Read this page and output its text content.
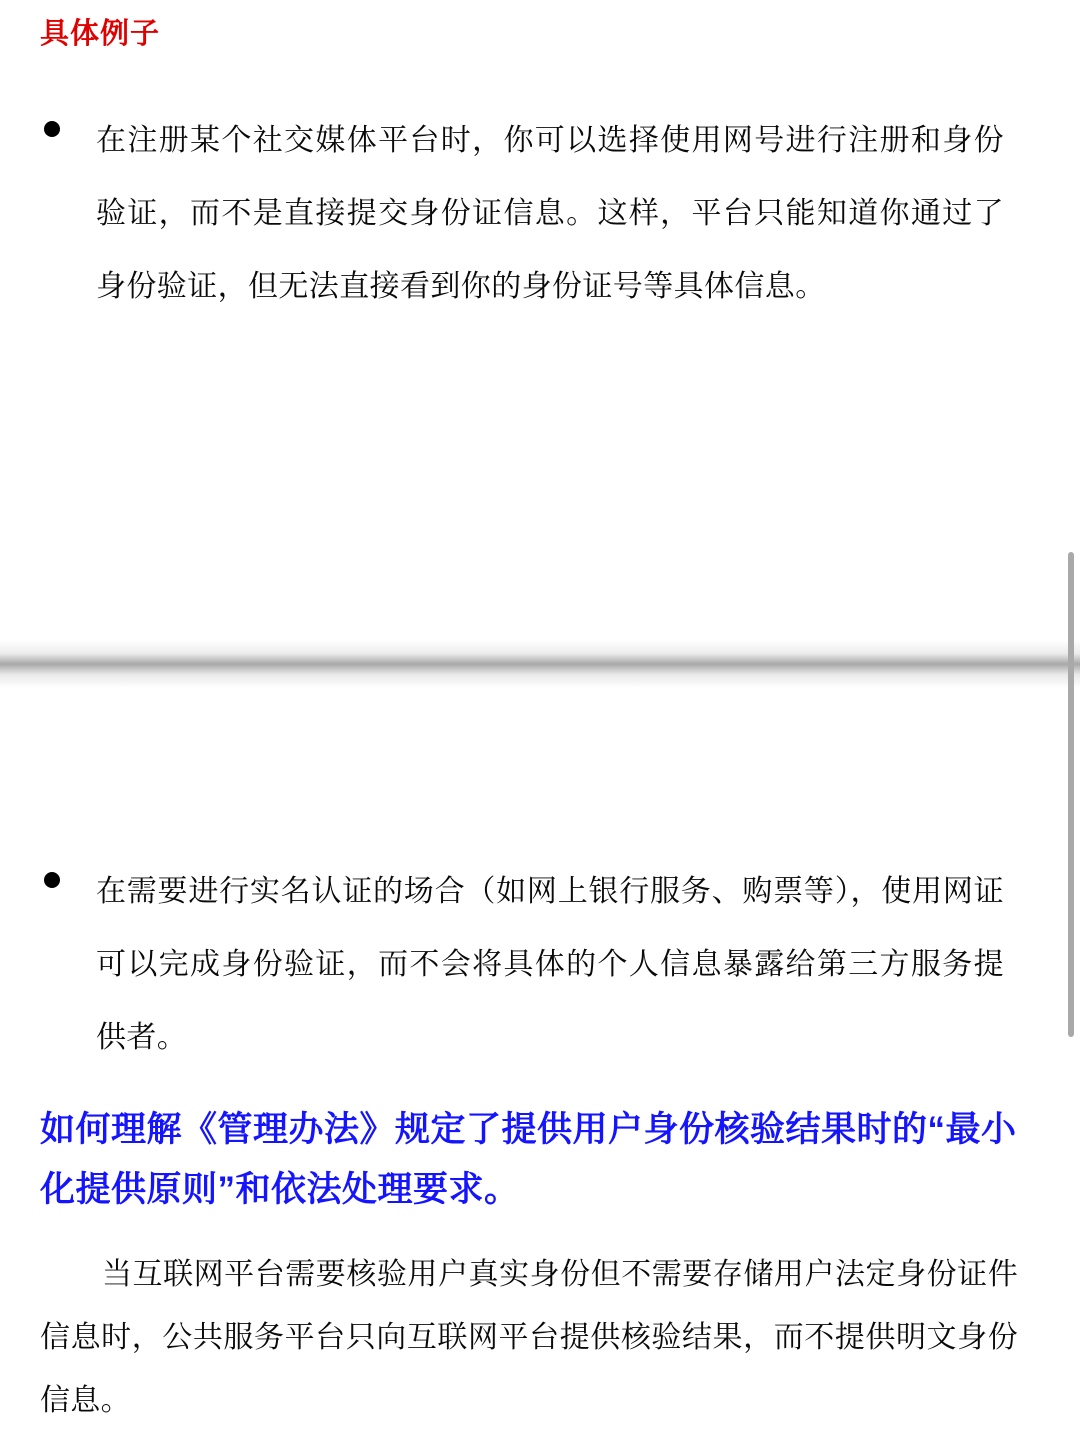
具体例子
在注册某个社交媒体平台时，你可以选择使用网号进行注册和身份验证，而不是直接提交身份证信息。这样，平台只能知道你通过了身份验证，但无法直接看到你的身份证号等具体信息。
在需要进行实名认证的场合（如网上银行服务、购票等），使用网证可以完成身份验证，而不会将具体的个人信息暴露给第三方服务提供者。
如何理解《管理办法》规定了提供用户身份核验结果时的“最小化提供原则”和依法处理要求。
当互联网平台需要核验用户真实身份但不需要存储用户法定身份证件信息时，公共服务平台只向互联网平台提供核验结果，而不提供明文身份信息。
